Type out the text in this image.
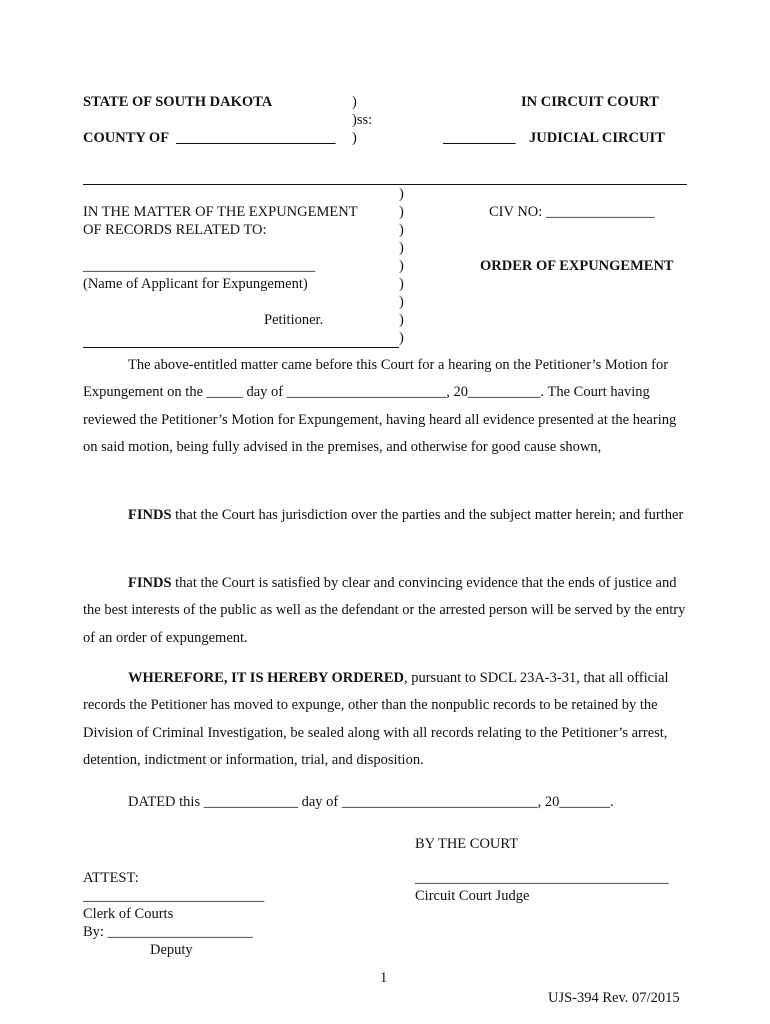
STATE OF SOUTH DAKOTA	)	IN CIRCUIT COURT
)ss:
COUNTY OF ______________________ )	__________ JUDICIAL CIRCUIT
)
IN THE MATTER OF THE EXPUNGEMENT	)	CIV NO: _______________
OF RECORDS RELATED TO:	)
)
________________________________	)	ORDER OF EXPUNGEMENT
(Name of Applicant for Expungement)	)
)
Petitioner.	)
)

The above-entitled matter came before this Court for a hearing on the Petitioner’s Motion for Expungement on the _____ day of ______________________, 20__________. The Court having reviewed the Petitioner’s Motion for Expungement, having heard all evidence presented at the hearing on said motion, being fully advised in the premises, and otherwise for good cause shown,

FINDS that the Court has jurisdiction over the parties and the subject matter herein; and further

FINDS that the Court is satisfied by clear and convincing evidence that the ends of justice and the best interests of the public as well as the defendant or the arrested person will be served by the entry of an order of expungement.

WHEREFORE, IT IS HEREBY ORDERED, pursuant to SDCL 23A-3-31, that all official records the Petitioner has moved to expunge, other than the nonpublic records to be retained by the Division of Criminal Investigation, be sealed along with all records relating to the Petitioner’s arrest, detention, indictment or information, trial, and disposition.

DATED this _____________ day of ___________________________, 20_______.
BY THE COURT
ATTEST:	___________________________________
_________________________	Circuit Court Judge
Clerk of Courts
By: ____________________
Deputy
1
UJS-394 Rev. 07/2015
